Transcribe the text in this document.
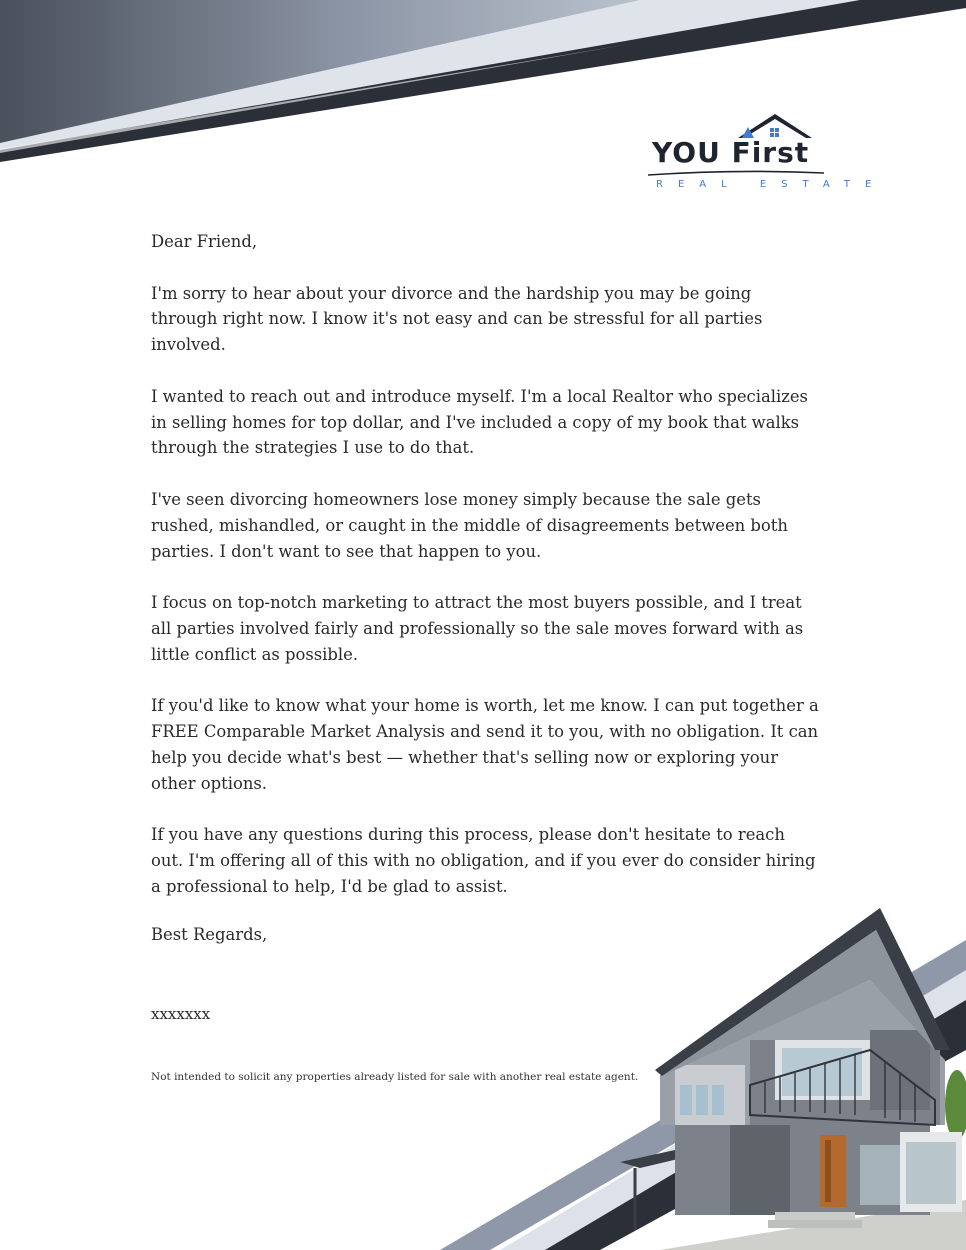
YOU First
REAL ESTATE

Dear Friend,

I'm sorry to hear about your divorce and the hardship you may be going through right now. I know it's not easy and can be stressful for all parties involved.

I wanted to reach out and introduce myself. I'm a local Realtor who specializes in selling homes for top dollar, and I've included a copy of my book that walks through the strategies I use to do that.

I've seen divorcing homeowners lose money simply because the sale gets rushed, mishandled, or caught in the middle of disagreements between both parties. I don't want to see that happen to you.

I focus on top-notch marketing to attract the most buyers possible, and I treat all parties involved fairly and professionally so the sale moves forward with as little conflict as possible.

If you'd like to know what your home is worth, let me know. I can put together a FREE Comparable Market Analysis and send it to you, with no obligation. It can help you decide what's best — whether that's selling now or exploring your other options.

If you have any questions during this process, please don't hesitate to reach out. I'm offering all of this with no obligation, and if you ever do consider hiring a professional to help, I'd be glad to assist.

Best Regards,
xxxxxxx
Not intended to solicit any properties already listed for sale with another real estate agent.
